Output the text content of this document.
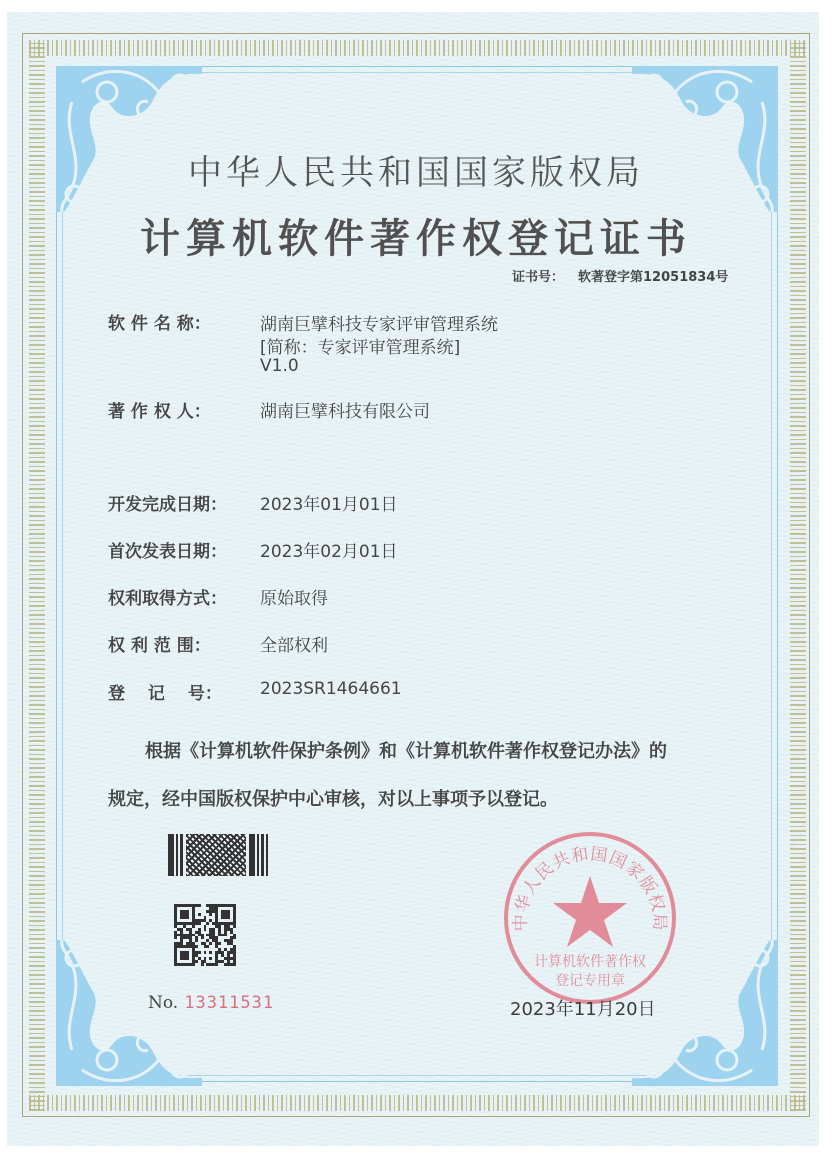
中华人民共和国国家版权局
计算机软件著作权登记证书
证书号： 软著登字第12051834号
软 件 名 称：	湖南巨擘科技专家评审管理系统
[简称：专家评审管理系统]
V1.0
著 作 权 人：	湖南巨擘科技有限公司
开发完成日期： 2023年01月01日
首次发表日期： 2023年02月01日
权利取得方式： 原始取得
权 利 范 围：	全部权利
登　 记　 号： 2023SR1464661
根据《计算机软件保护条例》和《计算机软件著作权登记办法》的
规定，经中国版权保护中心审核，对以上事项予以登记。
No. 13311531
中华人民共和国国家版权局
计算机软件著作权
登记专用章
2023年11月20日
